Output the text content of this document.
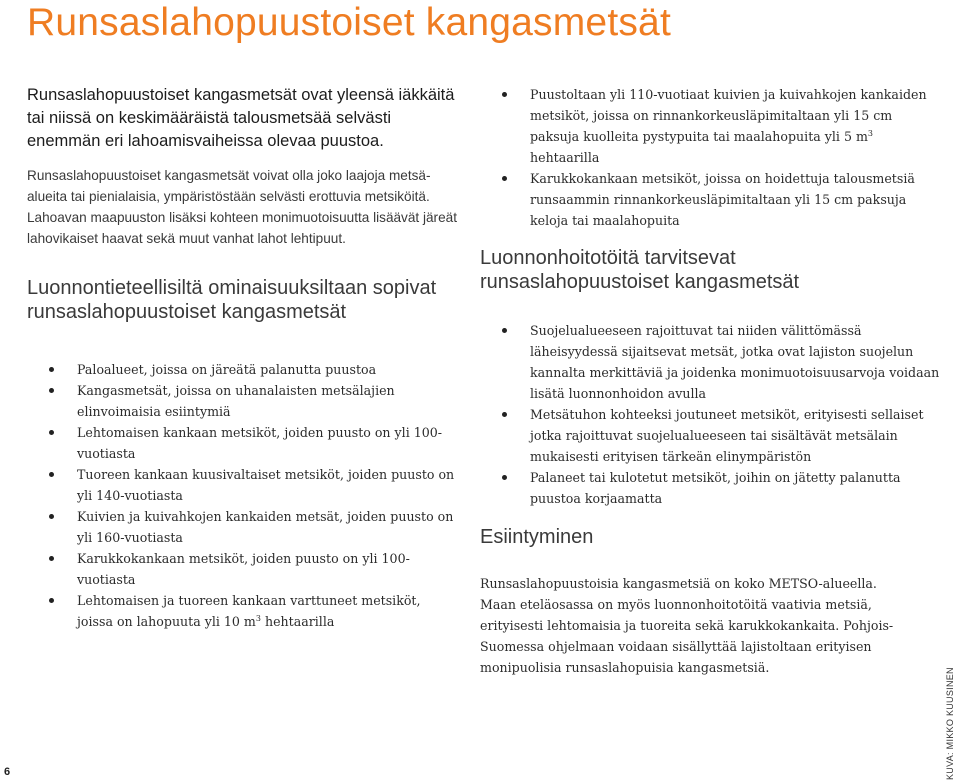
Runsaslahopuustoiset kangasmetsät

Runsaslahopuustoiset kangasmetsät ovat yleensä iäkkäitä tai niissä on keskimääräistä talousmetsää selvästi enemmän eri lahoamisvaiheissa olevaa puustoa.

Runsaslahopuustoiset kangasmetsät voivat olla joko laajoja metsäalueita tai pienialaisia, ympäristöstään selvästi erottuvia metsiköitä.

Lahoavan maapuuston lisäksi kohteen monimuotoisuutta lisäävät järeät lahovikaiset haavat sekä muut vanhat lahot lehtipuut.

Luonnontieteellisiltä ominaisuuksiltaan sopivat runsaslahopuustoiset kangasmetsät
Paloalueet, joissa on järeätä palanutta puustoa
Kangasmetsät, joissa on uhanalaisten metsälajien elinvoimaisia esiintymiä
Lehtomaisen kankaan metsiköt, joiden puusto on yli 100-vuotiasta
Tuoreen kankaan kuusivaltaiset metsiköt, joiden puusto on yli 140-vuotiasta
Kuivien ja kuivahkojen kankaiden metsät, joiden puusto on yli 160-vuotiasta
Karukkokankaan metsiköt, joiden puusto on yli 100-vuotiasta
Lehtomaisen ja tuoreen kankaan varttuneet metsiköt, joissa on lahopuuta yli 10 $m^3$ hehtaarilla
Puustoltaan yli 110-vuotiaat kuivien ja kuivahkojen kankaiden metsiköt, joissa on rinnankorkeusläpimitaltaan yli 15 cm paksuja kuolleita pystypuita tai maalahopuita yli 5 $m^3$ hehtaarilla
Karukkokankaan metsiköt, joissa on hoidettuja talousmetsiä runsaammin rinnankorkeusläpimitaltaan yli 15 cm paksuja keloja tai maalahopuita
Luonnonhoitotöitä tarvitsevat runsaslahopuustoiset kangasmetsät
Suojelualueeseen rajoittuvat tai niiden välittömässä läheisyydessä sijaitsevat metsät, jotka ovat lajiston suojelun kannalta merkittäviä ja joidenka monimuotoisuusarvoja voidaan lisätä luonnonhoidon avulla
Metsätuhon kohteeksi joutuneet metsiköt, erityisesti sellaiset jotka rajoittuvat suojelualueeseen tai sisältävät metsälain mukaisesti erityisen tärkeän elinympäristön
Palaneet tai kulotetut metsiköt, joihin on jätetty palanutta puustoa korjaamatta
Esiintyminen

Runsaslahopuustoisia kangasmetsiä on koko METSO-alueella. Maan eteläosassa on myös luonnonhoitotöitä vaativia metsiä, erityisesti lehtomaisia ja tuoreita sekä karukkokankaita. Pohjois-Suomessa ohjelmaan voidaan sisällyttää lajistoltaan erityisen monipuolisia runsaslahopuisia kangasmetsiä.

6	KUVA: MIKKO KUUSINEN
